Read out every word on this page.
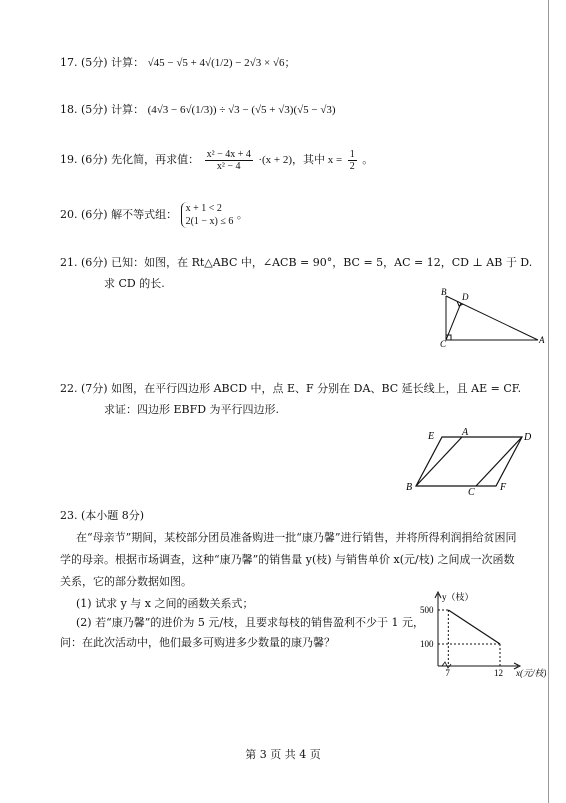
17. (5分) 计算： √45 − √5 + 4√(1/2) − 2√3 × √6；
18. (5分) 计算： (4√3 − 6√(1/3)) ÷ √3 − (√5 + √3)(√5 − √3)
19. (6分) 先化简，再求值： $\frac{\text{x² − 4x + 4}}{\text{x² − 4}} \cdot(x + 2)$，其中 $x = \frac{1}{2}$ 。
20. (6分) 解不等式组： x + 1 < 2
2(1 − x) ≤ 6
。
21. (6分) 已知：如图，在 Rt△ABC 中，∠ACB = 90°，BC = 5，AC = 12，CD ⊥ AB 于 D.
求 CD 的长.
B D
C	A
22. (7分) 如图，在平行四边形 ABCD 中，点 E、F 分别在 DA、BC 延长线上，且 AE = CF.
求证：四边形 EBFD 为平行四边形.
E	A	D
B	C	F
23. (本小题 8分)
在“母亲节”期间，某校部分团员准备购进一批“康乃馨”进行销售，并将所得利润捐给贫困同
学的母亲。根据市场调查，这种“康乃馨”的销售量 y(枝) 与销售单价 x(元/枝) 之间成一次函数
关系，它的部分数据如图。
(1) 试求 y 与 x 之间的函数关系式；
(2) 若“康乃馨”的进价为 5 元/枝，且要求每枝的销售盈利不少于 1 元，
问：在此次活动中，他们最多可购进多少数量的康乃馨？
500
100
7	12
y（枝）
x(元/枝)
第 3 页 共 4 页
